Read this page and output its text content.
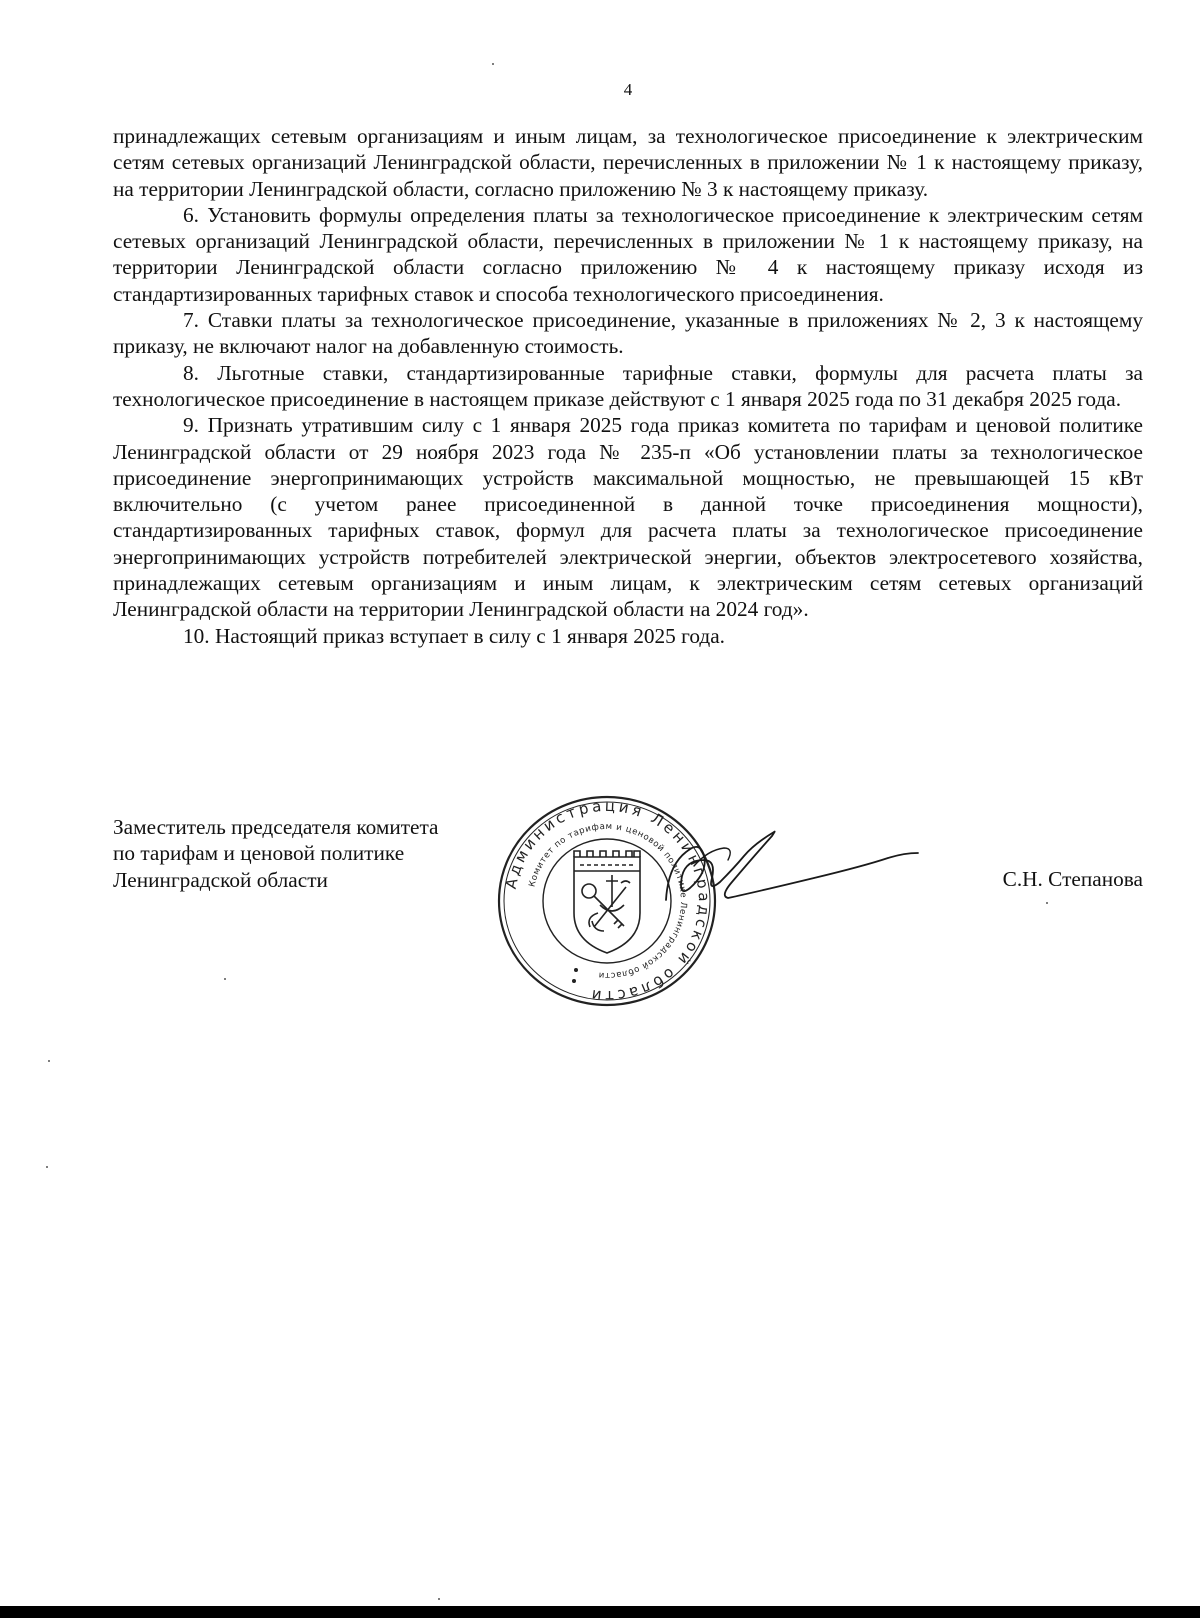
4

принадлежащих сетевым организациям и иным лицам, за технологическое присоединение к электрическим сетям сетевых организаций Ленинградской области, перечисленных в приложении № 1 к настоящему приказу, на территории Ленинградской области, согласно приложению № 3 к настоящему приказу.

6. Установить формулы определения платы за технологическое присоединение к электрическим сетям сетевых организаций Ленинградской области, перечисленных в приложении № 1 к настоящему приказу, на территории Ленинградской области согласно приложению № 4 к настоящему приказу исходя из стандартизированных тарифных ставок и способа технологического присоединения.

7. Ставки платы за технологическое присоединение, указанные в приложениях № 2, 3 к настоящему приказу, не включают налог на добавленную стоимость.

8. Льготные ставки, стандартизированные тарифные ставки, формулы для расчета платы за технологическое присоединение в настоящем приказе действуют с 1 января 2025 года по 31 декабря 2025 года.

9. Признать утратившим силу с 1 января 2025 года приказ комитета по тарифам и ценовой политике Ленинградской области от 29 ноября 2023 года № 235-п «Об установлении платы за технологическое присоединение энергопринимающих устройств максимальной мощностью, не превышающей 15 кВт включительно (с учетом ранее присоединенной в данной точке присоединения мощности), стандартизированных тарифных ставок, формул для расчета платы за технологическое присоединение энергопринимающих устройств потребителей электрической энергии, объектов электросетевого хозяйства, принадлежащих сетевым организациям и иным лицам, к электрическим сетям сетевых организаций Ленинградской области на территории Ленинградской области на 2024 год».

10. Настоящий приказ вступает в силу с 1 января 2025 года.

Заместитель председателя комитета
по тарифам и ценовой политике
Ленинградской области	Администрация Ленинградской области
Комитет по тарифам и ценовой политике Ленинградской области
С.Н. Степанова
